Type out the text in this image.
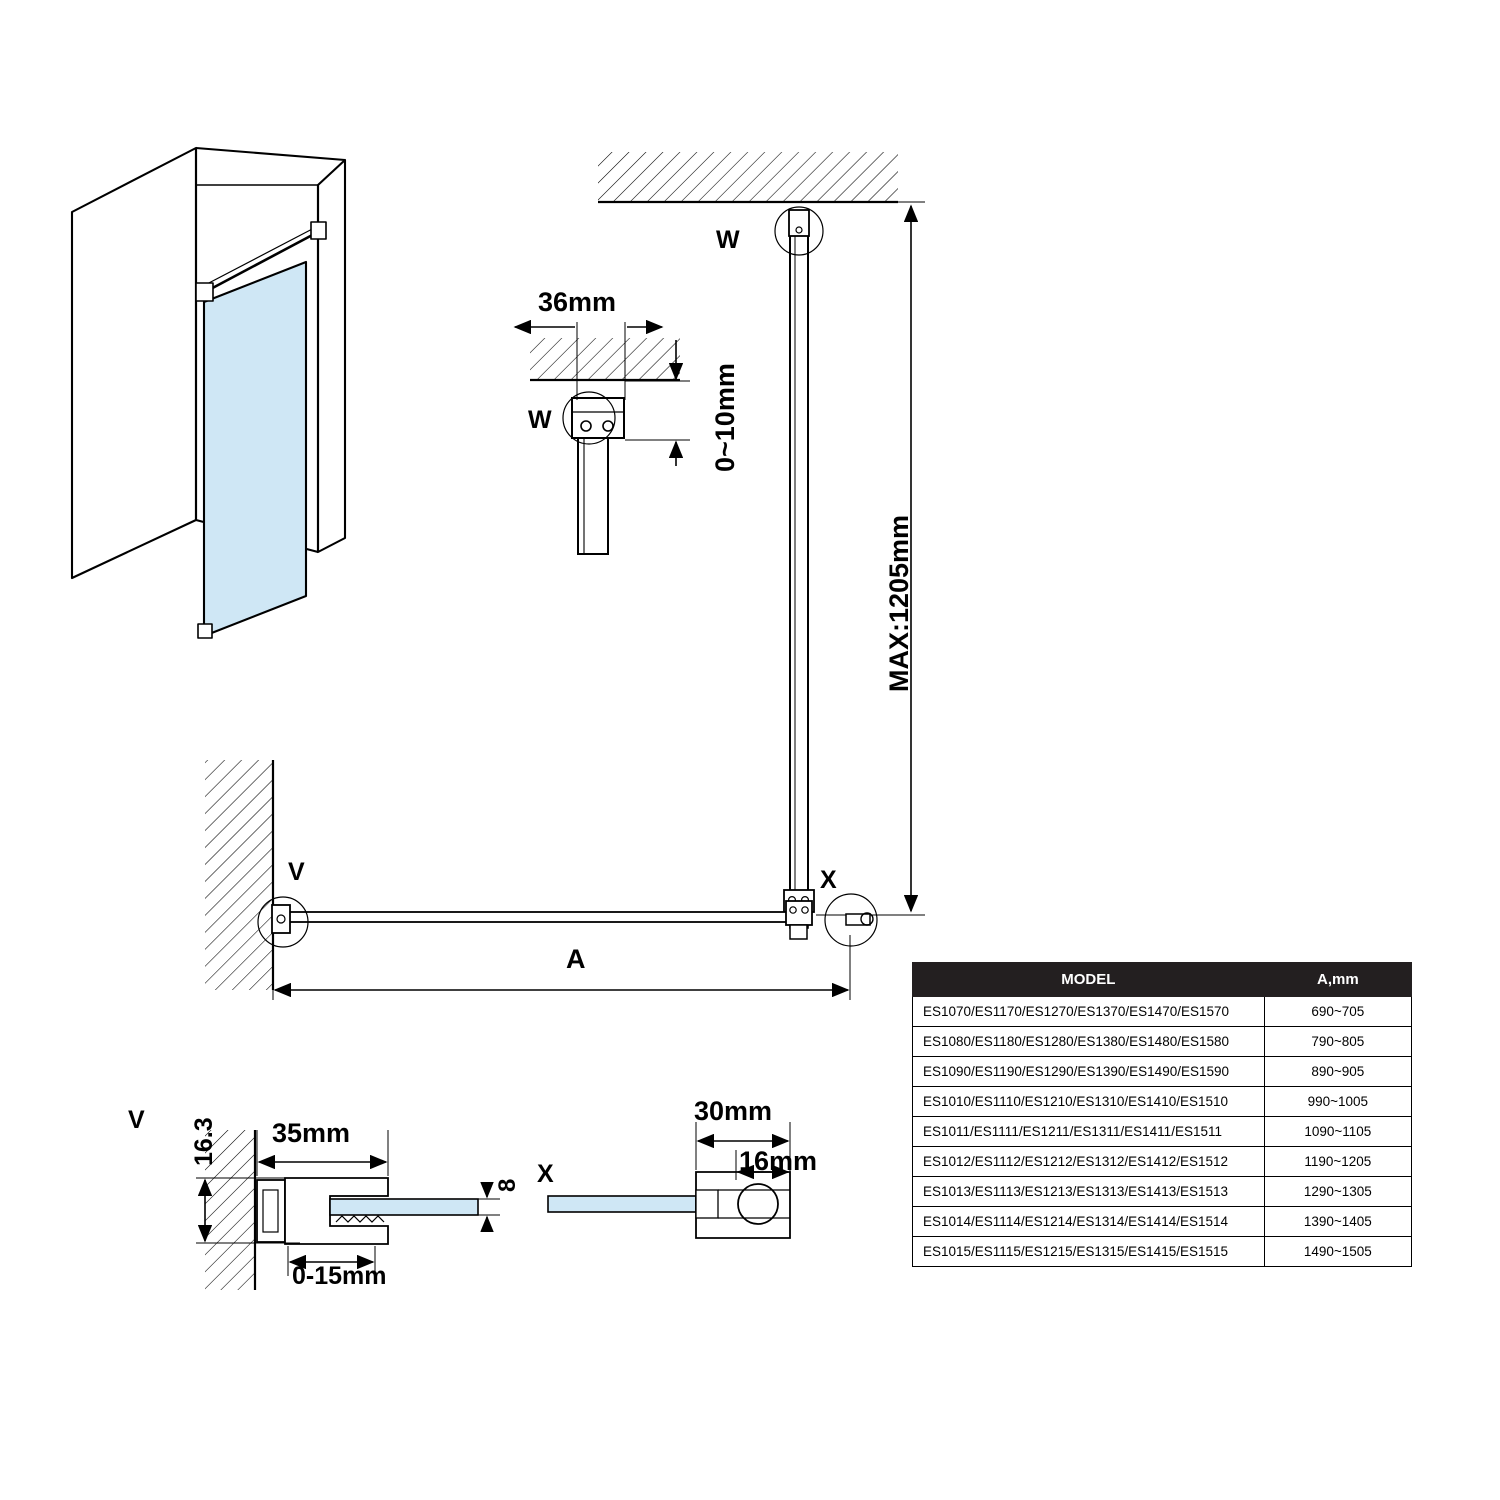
W
W
36mm
0~10mm
MAX:1205mm
V	X
A
V 16.3 35mm
0-15mm
8 X
30mm
16mm
MODEL	A,mm
ES1070/ES1170/ES1270/ES1370/ES1470/ES1570	690~705
ES1080/ES1180/ES1280/ES1380/ES1480/ES1580	790~805
ES1090/ES1190/ES1290/ES1390/ES1490/ES1590	890~905
ES1010/ES1110/ES1210/ES1310/ES1410/ES1510	990~1005
ES1011/ES1111/ES1211/ES1311/ES1411/ES1511	1090~1105
ES1012/ES1112/ES1212/ES1312/ES1412/ES1512	1190~1205
ES1013/ES1113/ES1213/ES1313/ES1413/ES1513	1290~1305
ES1014/ES1114/ES1214/ES1314/ES1414/ES1514	1390~1405
ES1015/ES1115/ES1215/ES1315/ES1415/ES1515	1490~1505
